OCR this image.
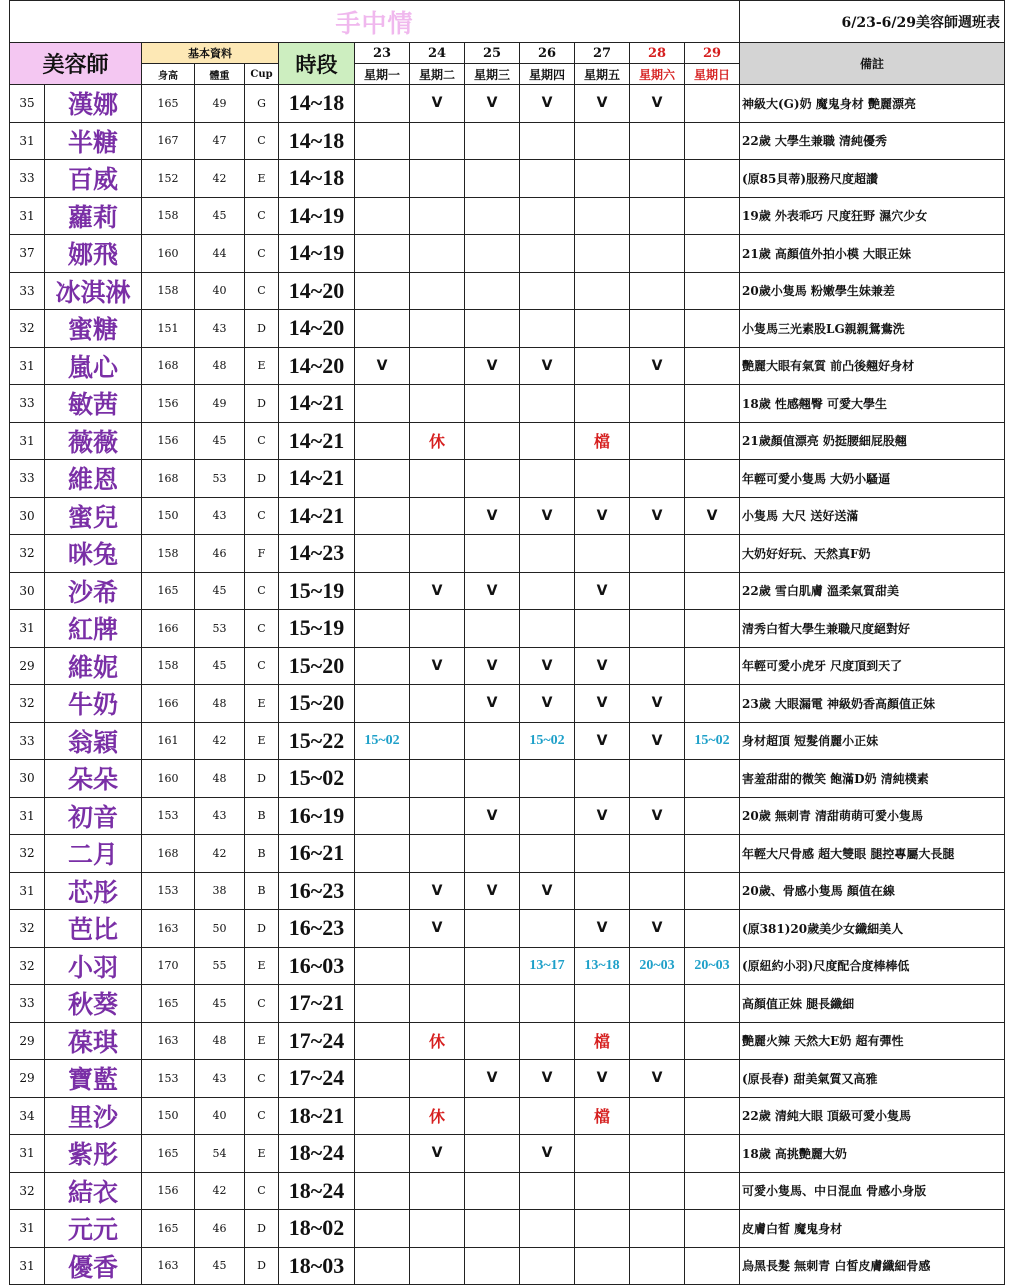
手中情													6/23-6/29美容師週班表
美容師		基本資料			時段	23	24	25	26	27	28	29	備註
		身高	體重	Cup		星期一	星期二	星期三	星期四	星期五	星期六	星期日	
35	漢娜	165	49	G	14~18		V	V	V	V	V		神級大(G)奶 魔鬼身材 艷麗漂亮
31	半糖	167	47	C	14~18								22歲 大學生兼職 清純優秀
33	百威	152	42	E	14~18								(原85貝蒂)服務尺度超讚
31	蘿莉	158	45	C	14~19								19歲 外表乖巧 尺度狂野 濕穴少女
37	娜飛	160	44	C	14~19								21歲 高顏值外拍小模 大眼正妹
33	冰淇淋	158	40	C	14~20								20歲小隻馬 粉嫩學生妹兼差
32	蜜糖	151	43	D	14~20								小隻馬三光素股LG親親鴛鴦洗
31	嵐心	168	48	E	14~20	V		V	V		V		艷麗大眼有氣質 前凸後翹好身材
33	敏茜	156	49	D	14~21								18歲 性感翹臀 可愛大學生
31	薇薇	156	45	C	14~21		休			檔			21歲顏值漂亮 奶挺腰細屁股翹
33	維恩	168	53	D	14~21								年輕可愛小隻馬 大奶小騷逼
30	蜜兒	150	43	C	14~21			V	V	V	V	V	小隻馬 大尺 送好送滿
32	咪兔	158	46	F	14~23								大奶好好玩、天然真F奶
30	沙希	165	45	C	15~19		V	V		V			22歲 雪白肌膚 溫柔氣質甜美
31	紅牌	166	53	C	15~19								清秀白皙大學生兼職尺度絕對好
29	維妮	158	45	C	15~20		V	V	V	V			年輕可愛小虎牙 尺度頂到天了
32	牛奶	166	48	E	15~20			V	V	V	V		23歲 大眼漏電 神級奶香高顏值正妹
33	翁穎	161	42	E	15~22	15~02			15~02	V	V	15~02	身材超頂 短髮俏麗小正妹
30	朵朵	160	48	D	15~02								害羞甜甜的微笑 飽滿D奶 清純樸素
31	初音	153	43	B	16~19			V		V	V		20歲 無刺青 清甜萌萌可愛小隻馬
32	二月	168	42	B	16~21								年輕大尺骨感 超大雙眼 腿控專屬大長腿
31	芯彤	153	38	B	16~23		V	V	V				20歲、骨感小隻馬 顏值在線
32	芭比	163	50	D	16~23		V			V	V		(原381)20歲美少女纖細美人
32	小羽	170	55	E	16~03				13~17	13~18	20~03	20~03	(原紐約小羽)尺度配合度棒棒低
33	秋葵	165	45	C	17~21								高顏值正妹 腿長纖細
29	葆琪	163	48	E	17~24		休			檔			艷麗火辣 天然大E奶 超有彈性
29	寶藍	153	43	C	17~24			V	V	V	V		(原長春) 甜美氣質又高雅
34	里沙	150	40	C	18~21		休			檔			22歲 清純大眼 頂級可愛小隻馬
31	紫彤	165	54	E	18~24		V		V				18歲 高挑艷麗大奶
32	結衣	156	42	C	18~24								可愛小隻馬、中日混血 骨感小身版
31	元元	165	46	D	18~02								皮膚白皙 魔鬼身材
31	優香	163	45	D	18~03								烏黑長髮 無刺青 白皙皮膚纖細骨感
